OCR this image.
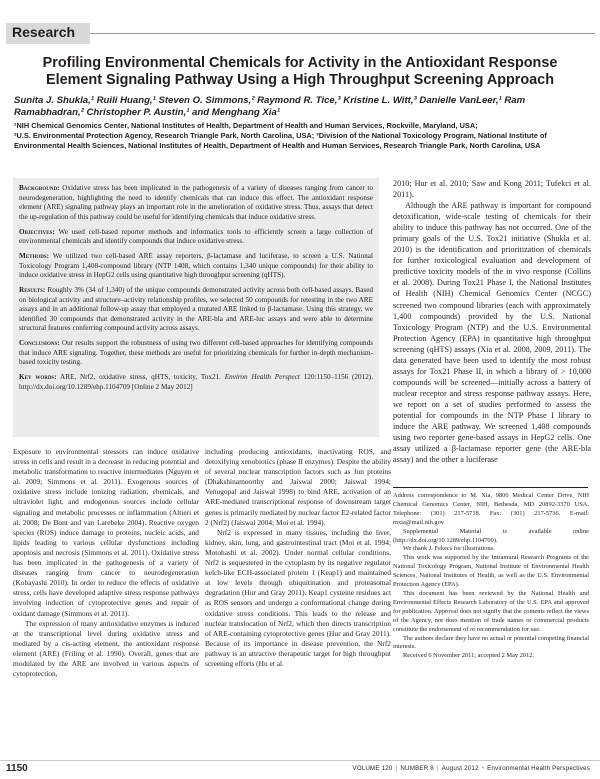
Research
Profiling Environmental Chemicals for Activity in the Antioxidant Response Element Signaling Pathway Using a High Throughput Screening Approach
Sunita J. Shukla,¹ Ruili Huang,¹ Steven O. Simmons,² Raymond R. Tice,³ Kristine L. Witt,³ Danielle VanLeer,¹ Ram Ramabhadran,² Christopher P. Austin,¹ and Menghang Xia¹

¹NIH Chemical Genomics Center, National Institutes of Health, Department of Health and Human Services, Rockville, Maryland, USA;

²U.S. Environmental Protection Agency, Research Triangle Park, North Carolina, USA; ³Division of the National Toxicology Program, National Institute of Environmental Health Sciences, National Institutes of Health, Department of Health and Human Services, Research Triangle Park, North Carolina, USA

Background: Oxidative stress has been implicated in the pathogenesis of a variety of diseases ranging from cancer to neurodegeneration, highlighting the need to identify chemicals that can induce this effect. The antioxidant response element (ARE) signaling pathway plays an important role in the amelioration of oxidative stress. Thus, assays that detect the up-regulation of this pathway could be useful for identifying chemicals that induce oxidative stress.

Objectives: We used cell-based reporter methods and informatics tools to efficiently screen a large collection of environmental chemicals and identify compounds that induce oxidative stress.

Methods: We utilized two cell-based ARE assay reporters, β-lactamase and luciferase, to screen a U.S. National Toxicology Program 1,408-compound library (NTP 1408, which contains 1,340 unique compounds) for their ability to induce oxidative stress in HepG2 cells using quantitative high throughput screening (qHTS).

Results: Roughly 3% (34 of 1,340) of the unique compounds demonstrated activity across both cell-based assays. Based on biological activity and structure–activity relationship profiles, we selected 50 compounds for retesting in the two ARE assays and in an additional follow-up assay that employed a mutated ARE linked to β-lactamase. Using this strategy, we identified 30 compounds that demonstrated activity in the ARE-bla and ARE-luc assays and were able to determine structural features conferring compound activity across assays.

Conclusions: Our results support the robustness of using two different cell-based approaches for identifying compounds that induce ARE signaling. Together, these methods are useful for prioritizing chemicals for further in-depth mechanism-based toxicity testing.

Key words: ARE, Nrf2, oxidative stress, qHTS, toxicity, Tox21. Environ Health Perspect 120:1150–1156 (2012). http://dx.doi.org/10.1289/ehp.1104709 [Online 2 May 2012]

Exposure to environmental stressors can induce oxidative stress in cells and result in a decrease in reducing potential and metabolic transformation to reactive intermediates (Nguyen et al. 2009; Simmons et al. 2011). Exogenous sources of oxidative stress include ionizing radiation, chemicals, and ultraviolet light, and endogenous sources include cellular signaling and metabolic processes or inflammation (Altieri et al. 2008; De Bont and van Larebeke 2004). Reactive oxygen species (ROS) induce damage to proteins, nucleic acids, and lipids leading to various cellular dysfunctions including apoptosis and necrosis (Simmons et al. 2011). Oxidative stress has been implicated in the pathogenesis of a variety of diseases ranging from cancer to neurodegeneration (Kobayashi 2010). In order to reduce the effects of oxidative stress, cells have developed adaptive stress response pathways involving induction of cytoprotective genes and repair of oxidant damage (Simmons et al. 2011).

The expression of many antioxidative enzymes is induced at the transcriptional level during oxidative stress and mediated by a cis-acting element, the antioxidant response element (ARE) (Friling et al. 1990). Overall, genes that are modulated by the ARE are involved in various aspects of cytoprotection,

including producing antioxidants, inactivating ROS, and detoxifying xenobiotics (phase II enzymes). Despite the ability of several nuclear transcription factors such as Jun proteins (Dhakshinamoorthy and Jaiswal 2000; Jaiswal 1994; Venugopal and Jaiswal 1998) to bind ARE, activation of an ARE-mediated transcriptional response of downstream target genes is primarily mediated by nuclear factor E2-related factor 2 (Nrf2) (Jaiswal 2004; Moi et al. 1994).

Nrf2 is expressed in many tissues, including the liver, kidney, skin, lung, and gastrointestinal tract (Moi et al. 1994; Motohashi et al. 2002). Under normal cellular conditions, Nrf2 is sequestered in the cytoplasm by its negative regulator kelch-like ECH-associated protein 1 (Keap1) and maintained at low levels through ubiquitination and proteasomal degradation (Hur and Gray 2011). Keap1 cysteine residues act as ROS sensors and undergo a conformational change during oxidative stress conditions. This leads to the release and nuclear translocation of Nrf2, which then directs transcription of ARE-containing cytoprotective genes (Hur and Gray 2011). Because of its importance in disease prevention, the Nrf2 pathway is an attractive therapeutic target for high throughput screening efforts (Hu et al.

2010; Hur et al. 2010; Saw and Kong 2011; Tufekci et al. 2011).

Although the ARE pathway is important for compound detoxification, wide-scale testing of chemicals for their ability to induce this pathway has not occurred. One of the primary goals of the U.S. Tox21 initiative (Shukla et al. 2010) is the identification and prioritization of chemicals for further toxicological evaluation and development of predictive toxicity models of the in vivo response (Collins et al. 2008). During Tox21 Phase I, the National Institutes of Health (NIH) Chemical Genomics Center (NCGC) screened two compound libraries (each with approximately 1,400 compounds) provided by the U.S. National Toxicology Program (NTP) and the U.S. Environmental Protection Agency (EPA) in quantitative high throughput screening (qHTS) assays (Xia et al. 2008, 2009, 2011). The data generated have been used to identify the most robust assays for Tox21 Phase II, in which a library of > 10,000 compounds will be screened—initially across a battery of nuclear receptor and stress response pathway assays. Here, we report on a set of studies performed to assess the potential for compounds in the NTP Phase I library to induce the ARE pathway. We screened 1,408 compounds using two reporter gene-based assays in HepG2 cells. One assay utilized a β-lactamase reporter gene (the ARE-bla assay) and the other a luciferase

Address correspondence to M. Xia, 9800 Medical Center Drive, NIH Chemical Genomics Center, NIH, Bethesda, MD 20892-3370 USA. Telephone: (301) 217-5718. Fax: (301) 217-5736. E-mail: mxia@mail.nih.gov

Supplemental Material is available online (http://dx.doi.org/10.1289/ehp.1104709).

We thank J. Fekecs for illustrations.

This work was supported by the Intramural Research Programs of the National Toxicology Program, National Institute of Environmental Health Sciences, National Institutes of Health, as well as the U.S. Environmental Protection Agency (EPA).

This document has been reviewed by the National Health and Environmental Effects Research Laboratory of the U.S. EPA and approved for publication. Approval does not signify that the contents reflect the views of the Agency, nor does mention of trade names or commercial products constitute the endorsement of or recommendation for use.

The authors declare they have no actual or potential competing financial interests.

Received 6 November 2011; accepted 2 May 2012.

1150	VOLUME 120 | NUMBER 8 | August 2012 • Environmental Health Perspectives
